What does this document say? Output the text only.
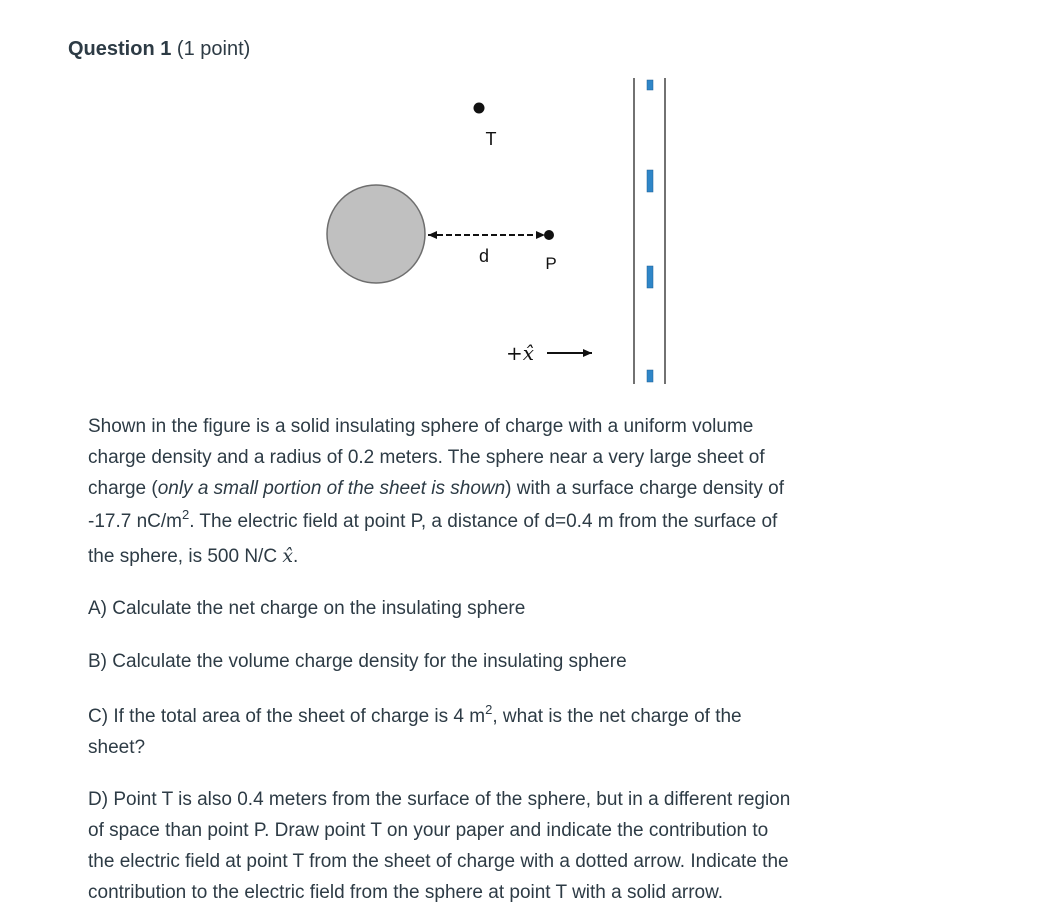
Question 1 (1 point)
T
d	P
+x̂
Shown in the figure is a solid insulating sphere of charge with a uniform volume
charge density and a radius of 0.2 meters. The sphere near a very large sheet of
charge (only a small portion of the sheet is shown) with a surface charge density of
-17.7 $nC/m^2$. The electric field at point P, a distance of d=0.4 m from the surface of
the sphere, is 500 N/C x̂.
A) Calculate the net charge on the insulating sphere
B) Calculate the volume charge density for the insulating sphere
C) If the total area of the sheet of charge is 4 $m^2$, what is the net charge of the
sheet?
D) Point T is also 0.4 meters from the surface of the sphere, but in a different region
of space than point P. Draw point T on your paper and indicate the contribution to
the electric field at point T from the sheet of charge with a dotted arrow. Indicate the
contribution to the electric field from the sphere at point T with a solid arrow.
